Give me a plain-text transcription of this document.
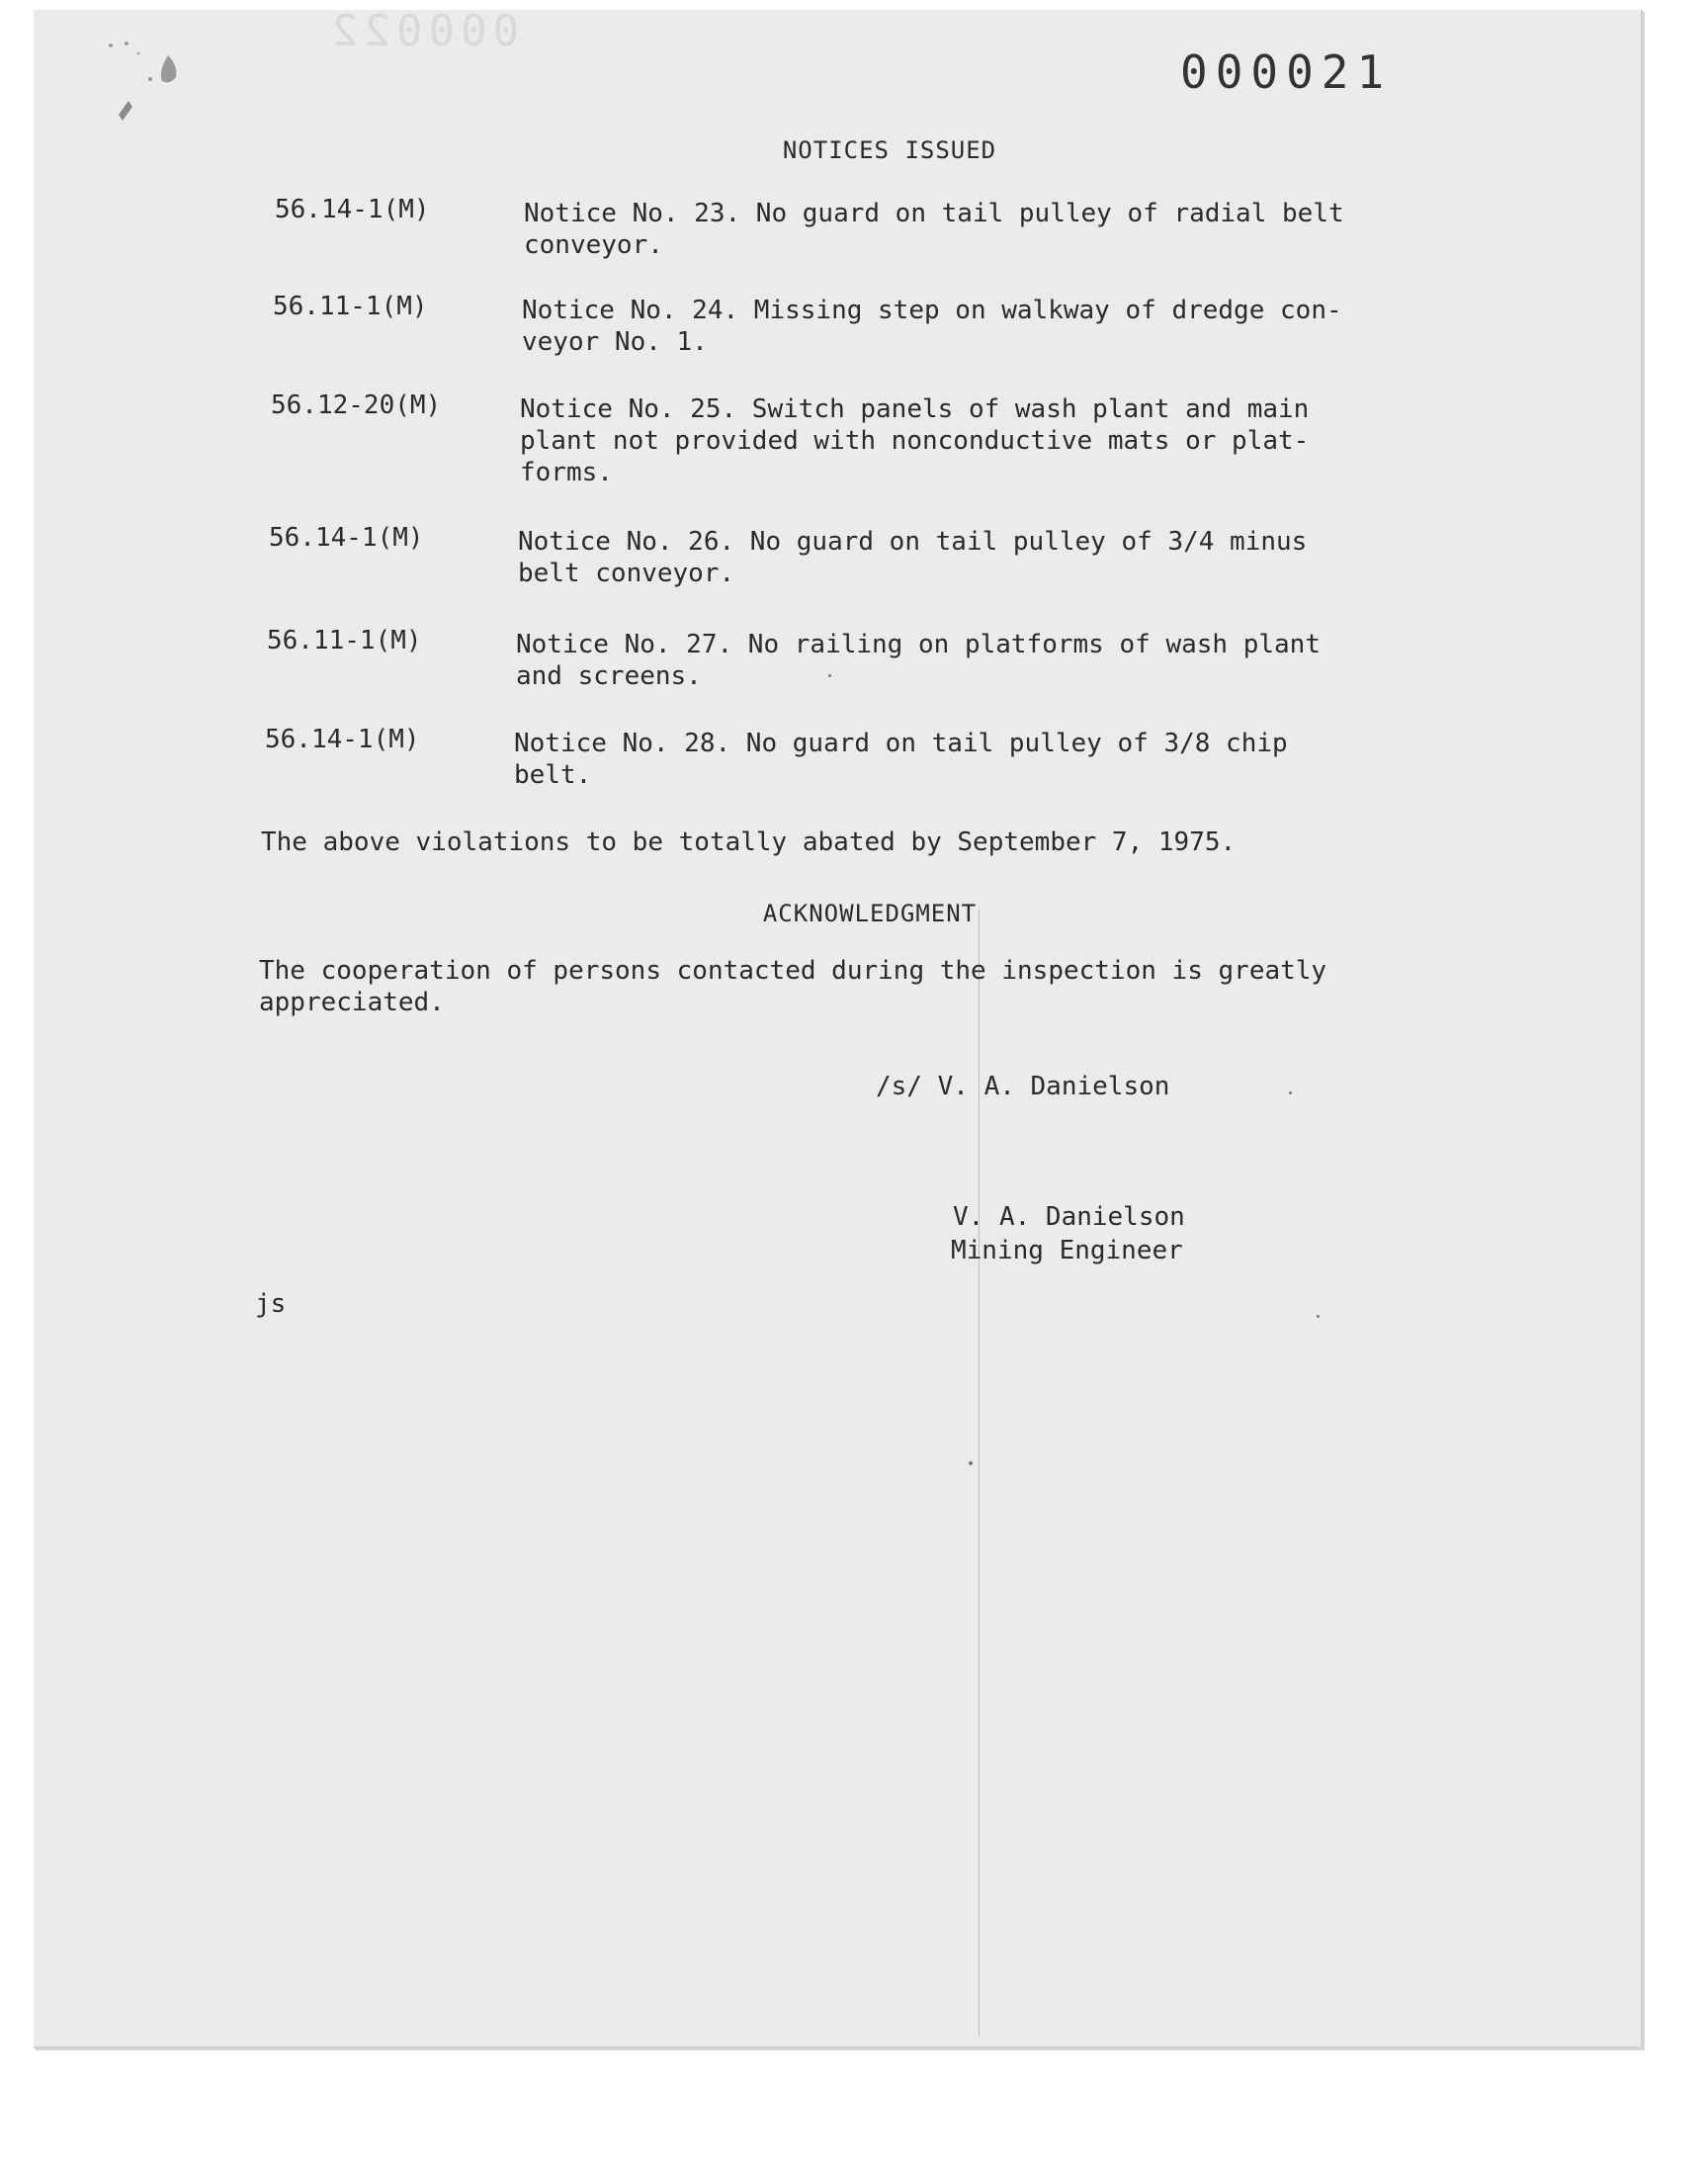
000022
000021
NOTICES ISSUED
56.14-1(M)	Notice No. 23. No guard on tail pulley of radial belt
conveyor.
56.11-1(M)	Notice No. 24. Missing step on walkway of dredge con-
veyor No. 1.
56.12-20(M)	Notice No. 25. Switch panels of wash plant and main
plant not provided with nonconductive mats or plat-
forms.
56.14-1(M)	Notice No. 26. No guard on tail pulley of 3/4 minus
belt conveyor.
56.11-1(M)	Notice No. 27. No railing on platforms of wash plant
and screens.
56.14-1(M)	Notice No. 28. No guard on tail pulley of 3/8 chip
belt.
The above violations to be totally abated by September 7, 1975.
ACKNOWLEDGMENT
The cooperation of persons contacted during the inspection is greatly
appreciated.
/s/ V. A. Danielson
V. A. Danielson
Mining Engineer
js
